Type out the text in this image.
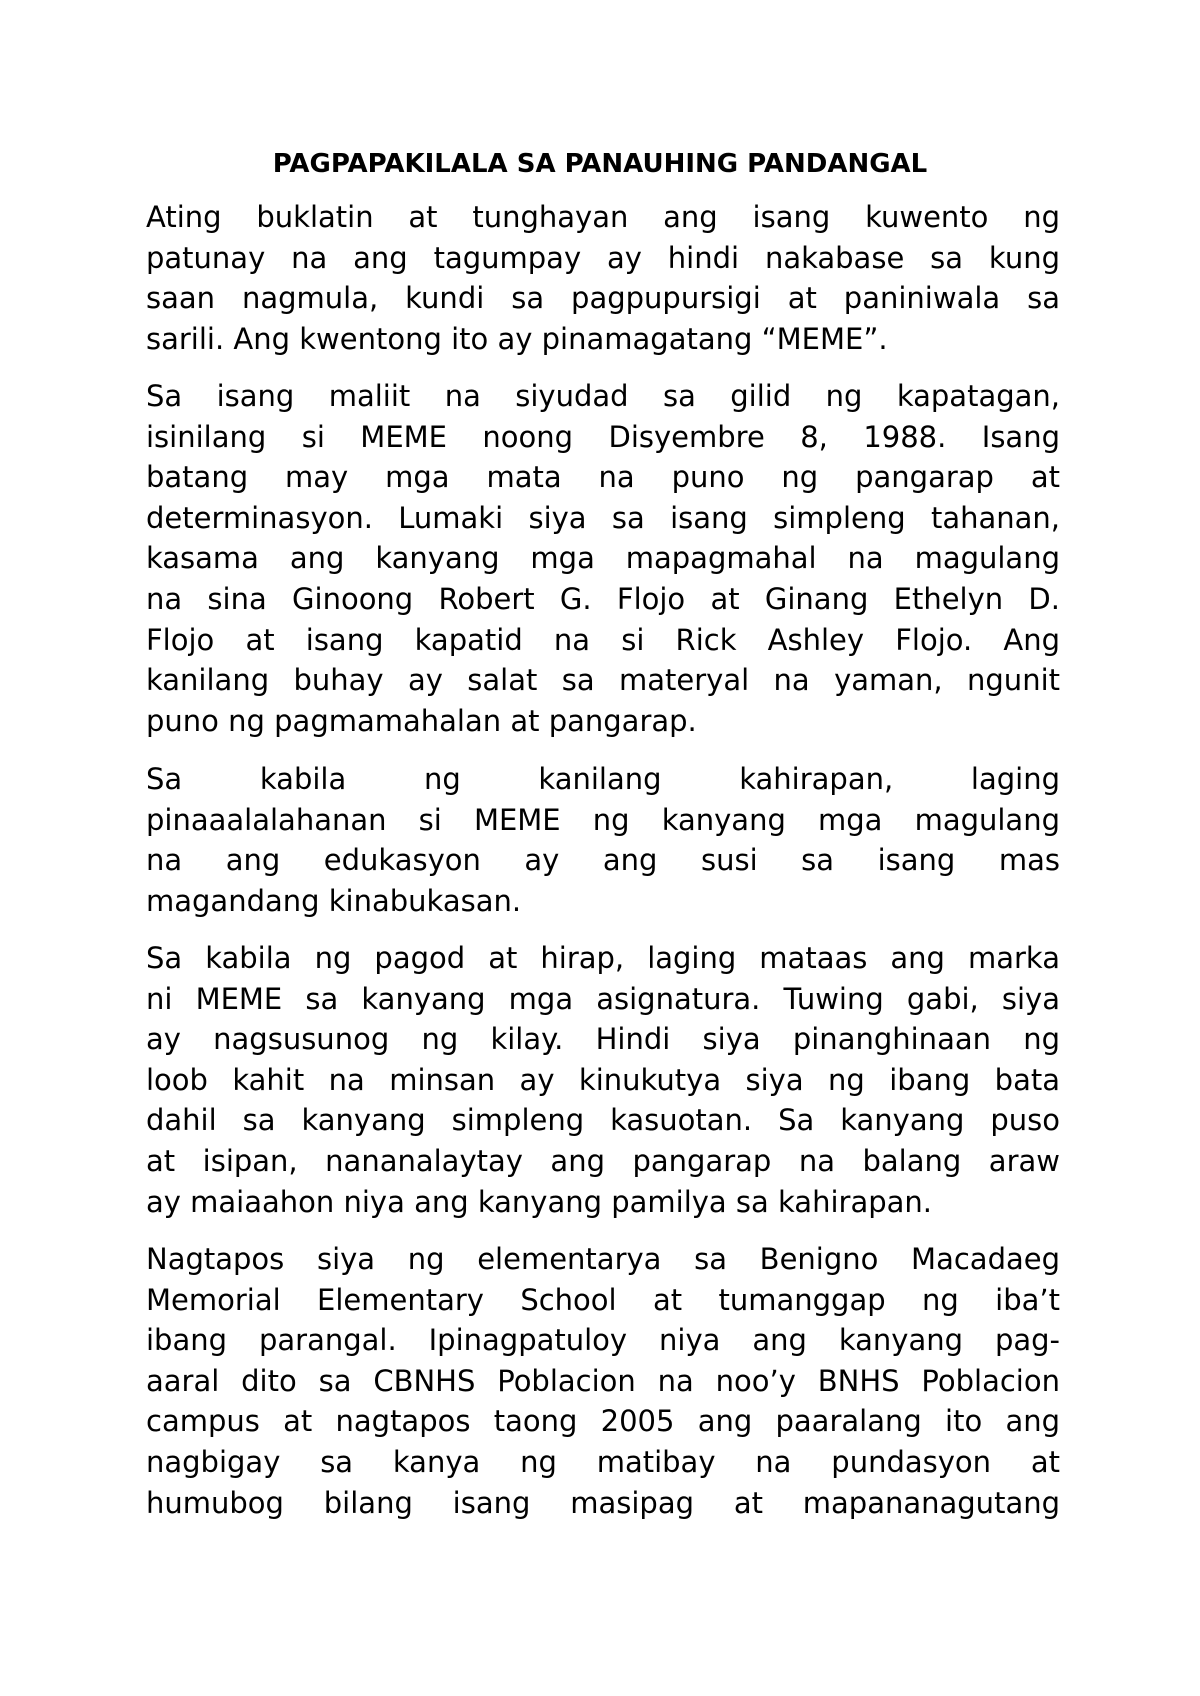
PAGPAPAKILALA SA PANAUHING PANDANGAL
Ating buklatin at tunghayan ang isang kuwento ng
patunay na ang tagumpay ay hindi nakabase sa kung
saan nagmula, kundi sa pagpupursigi at paniniwala sa
sarili. Ang kwentong ito ay pinamagatang “MEME”.
Sa isang maliit na siyudad sa gilid ng kapatagan,
isinilang si MEME noong Disyembre 8, 1988. Isang
batang may mga mata na puno ng pangarap at
determinasyon. Lumaki siya sa isang simpleng tahanan,
kasama ang kanyang mga mapagmahal na magulang
na sina Ginoong Robert G. Flojo at Ginang Ethelyn D.
Flojo at isang kapatid na si Rick Ashley Flojo. Ang
kanilang buhay ay salat sa materyal na yaman, ngunit
puno ng pagmamahalan at pangarap.
Sa kabila ng kanilang kahirapan, laging
pinaaalalahanan si MEME ng kanyang mga magulang
na ang edukasyon ay ang susi sa isang mas
magandang kinabukasan.
Sa kabila ng pagod at hirap, laging mataas ang marka
ni MEME sa kanyang mga asignatura. Tuwing gabi, siya
ay nagsusunog ng kilay. Hindi siya pinanghinaan ng
loob kahit na minsan ay kinukutya siya ng ibang bata
dahil sa kanyang simpleng kasuotan. Sa kanyang puso
at isipan, nananalaytay ang pangarap na balang araw
ay maiaahon niya ang kanyang pamilya sa kahirapan.
Nagtapos siya ng elementarya sa Benigno Macadaeg
Memorial Elementary School at tumanggap ng iba’t
ibang parangal. Ipinagpatuloy niya ang kanyang pag-
aaral dito sa CBNHS Poblacion na noo’y BNHS Poblacion
campus at nagtapos taong 2005 ang paaralang ito ang
nagbigay sa kanya ng matibay na pundasyon at
humubog bilang isang masipag at mapananagutang
